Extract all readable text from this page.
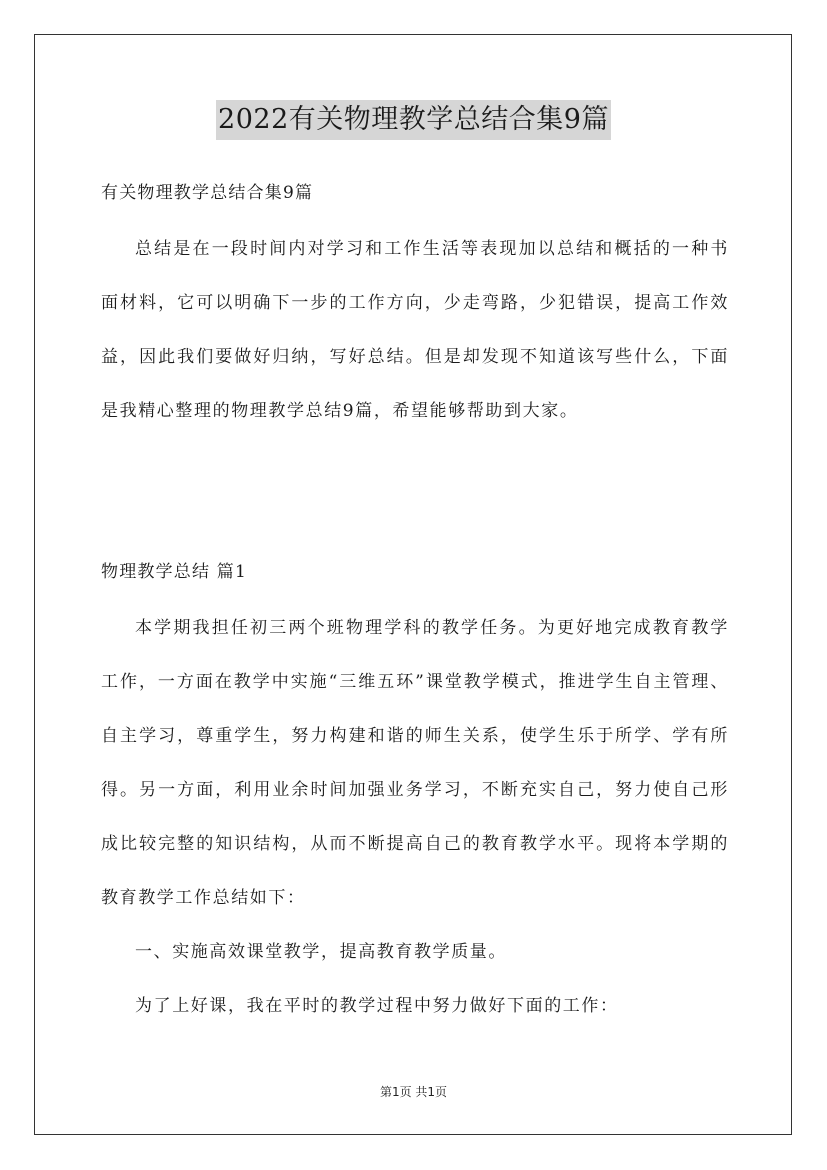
2022有关物理教学总结合集9篇
有关物理教学总结合集9篇

总结是在一段时间内对学习和工作生活等表现加以总结和概括的一种书面材料，它可以明确下一步的工作方向，少走弯路，少犯错误，提高工作效益，因此我们要做好归纳，写好总结。但是却发现不知道该写些什么，下面是我精心整理的物理教学总结9篇，希望能够帮助到大家。

物理教学总结 篇1

本学期我担任初三两个班物理学科的教学任务。为更好地完成教育教学工作，一方面在教学中实施“三维五环”课堂教学模式，推进学生自主管理、自主学习，尊重学生，努力构建和谐的师生关系，使学生乐于所学、学有所得。另一方面，利用业余时间加强业务学习，不断充实自己，努力使自己形成比较完整的知识结构，从而不断提高自己的教育教学水平。现将本学期的教育教学工作总结如下：

一、实施高效课堂教学，提高教育教学质量。

为了上好课，我在平时的教学过程中努力做好下面的工作：

第1页 共1页
